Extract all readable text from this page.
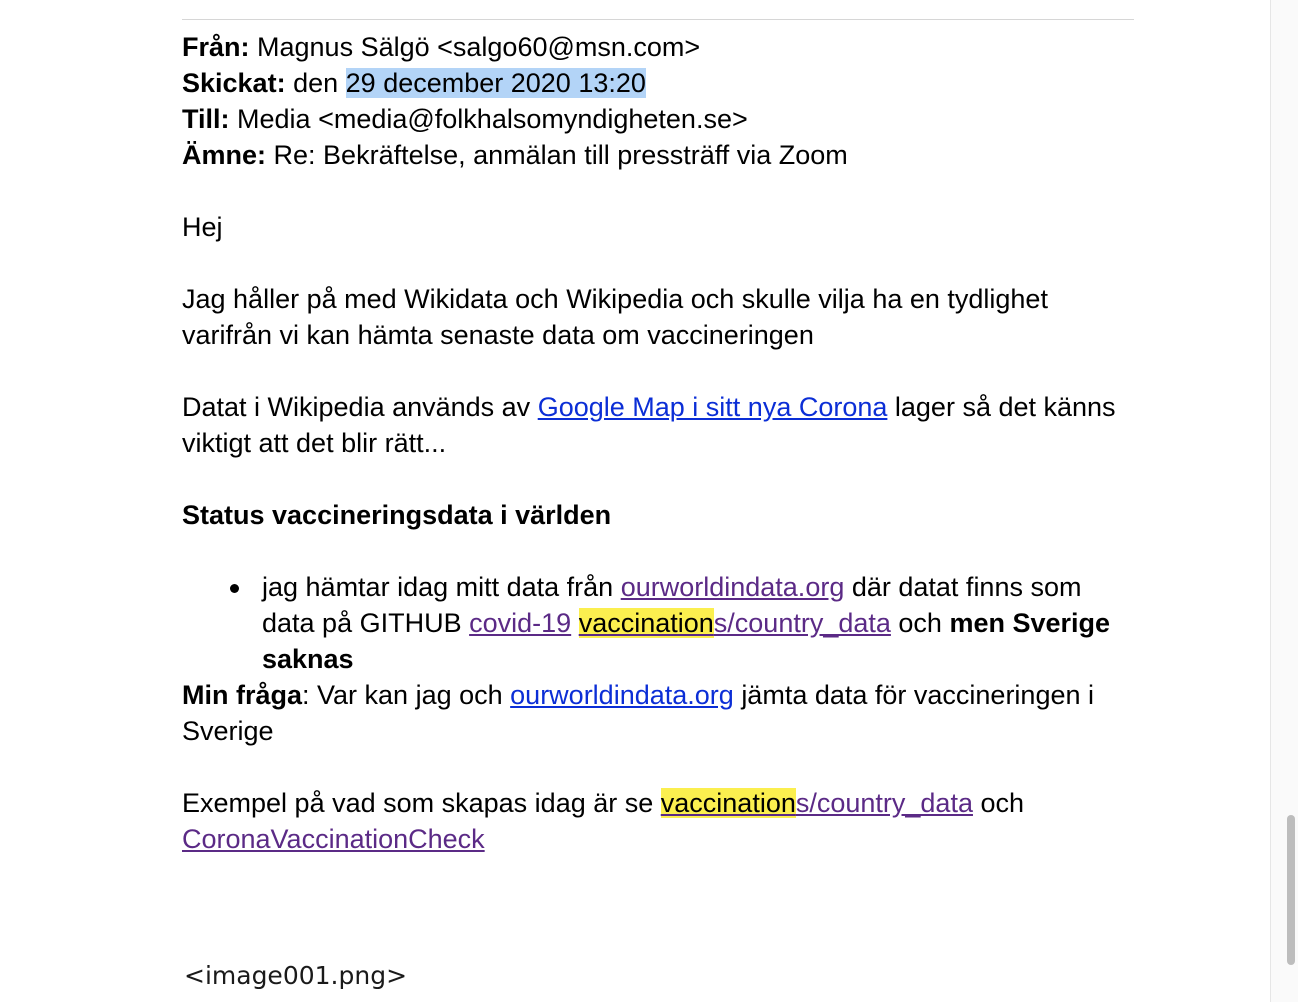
Från: Magnus Sälgö <salgo60@msn.com>
Skickat: den 29 december 2020 13:20
Till: Media <media@folkhalsomyndigheten.se>
Ämne: Re: Bekräftelse, anmälan till pressträff via Zoom

Hej

Jag håller på med Wikidata och Wikipedia och skulle vilja ha en tydlighet varifrån vi kan hämta senaste data om vaccineringen

Datat i Wikipedia används av Google Map i sitt nya Corona lager så det känns viktigt att det blir rätt...

Status vaccineringsdata i världen
jag hämtar idag mitt data från ourworldindata.org där datat finns som data på GITHUB covid-19 vaccinations/country_data och men Sverige saknas
Min fråga: Var kan jag och ourworldindata.org jämta data för vaccineringen i Sverige

Exempel på vad som skapas idag är se vaccinations/country_data och CoronaVaccinationCheck

<image001.png>
